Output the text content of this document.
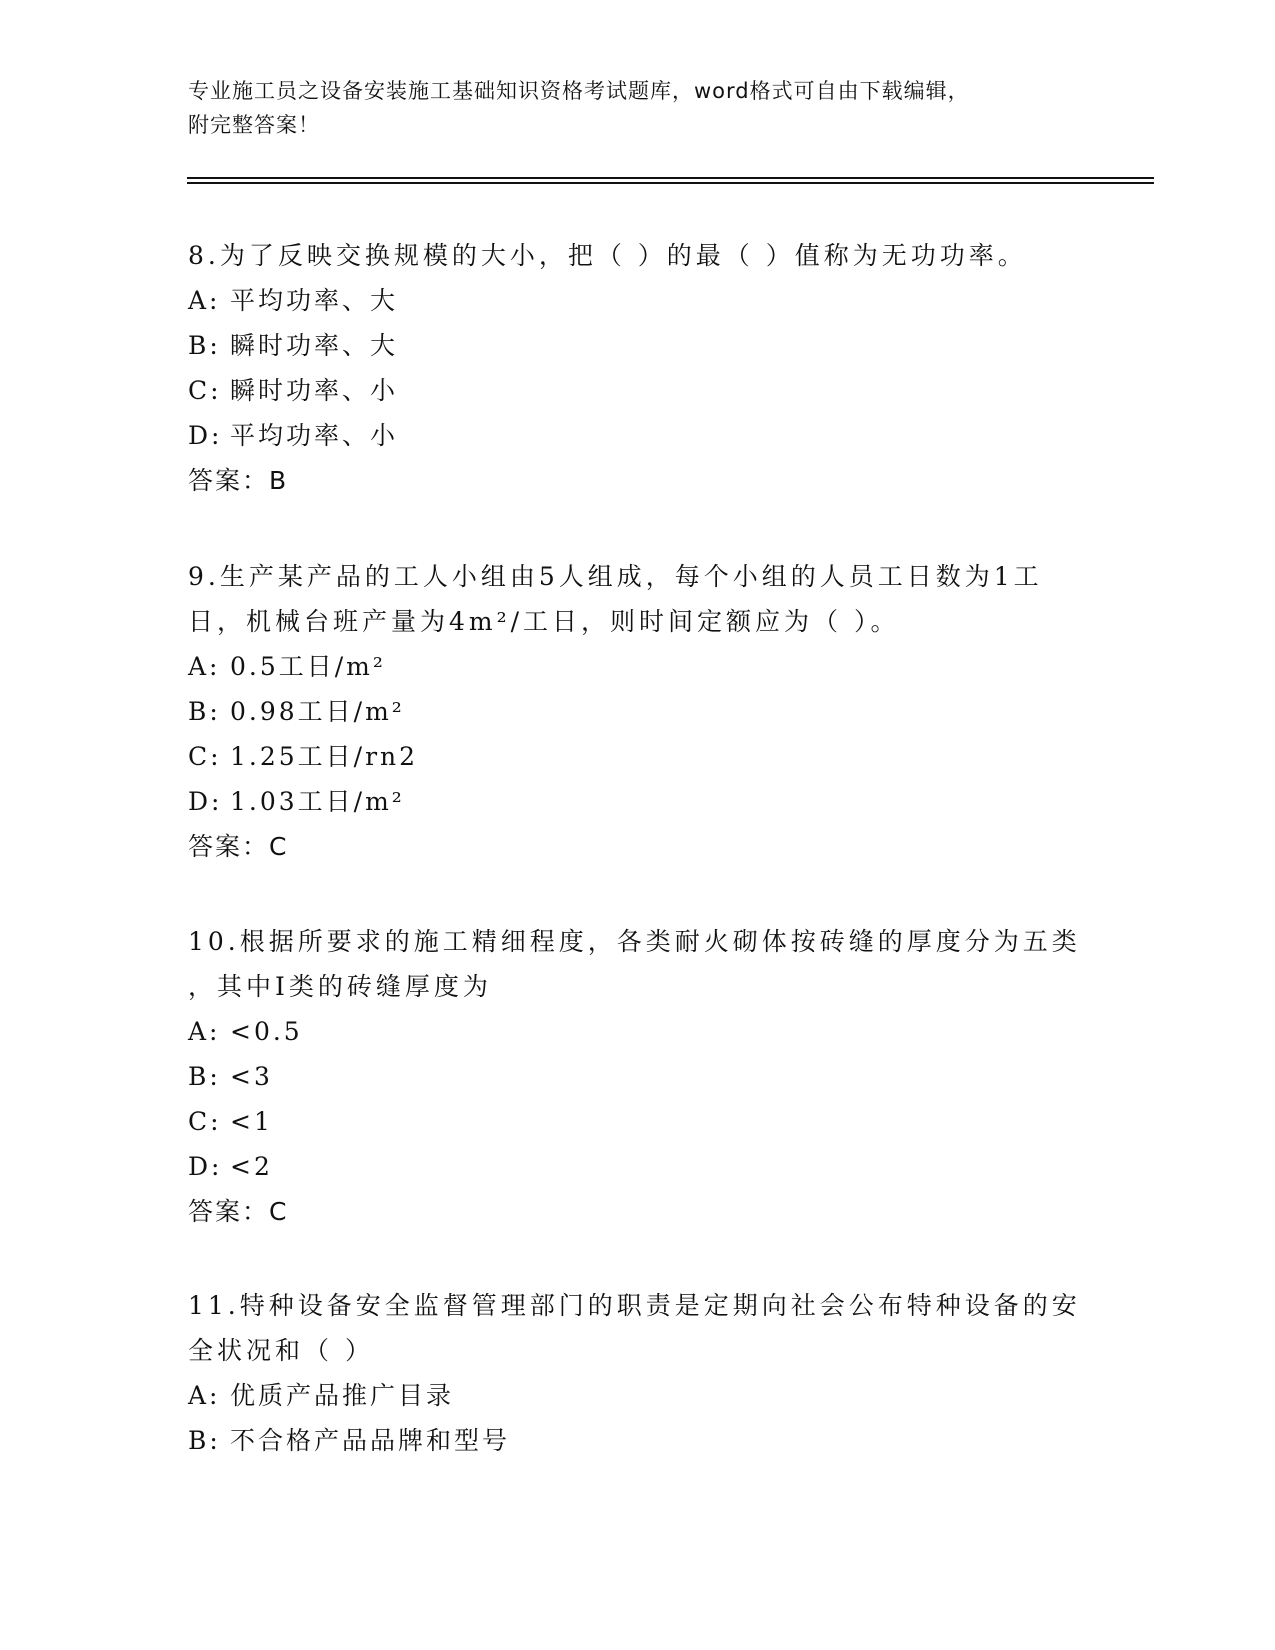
专业施工员之设备安装施工基础知识资格考试题库，word格式可自由下载编辑，
附完整答案！

8.为了反映交换规模的大小，把（ ）的最（ ）值称为无功功率。

A: 平均功率、大

B: 瞬时功率、大

C: 瞬时功率、小

D: 平均功率、小

答案：B

9.生产某产品的工人小组由5人组成，每个小组的人员工日数为1工

日，机械台班产量为4m²/工日，则时间定额应为（ ）。

A: 0.5工日/m²

B: 0.98工日/m²

C: 1.25工日/rn2

D: 1.03工日/m²

答案：C

10.根据所要求的施工精细程度，各类耐火砌体按砖缝的厚度分为五类

，其中Ⅰ类的砖缝厚度为

A: <0.5

B: <3

C: <1

D: <2

答案：C

11.特种设备安全监督管理部门的职责是定期向社会公布特种设备的安

全状况和（ ）

A: 优质产品推广目录

B: 不合格产品品牌和型号
